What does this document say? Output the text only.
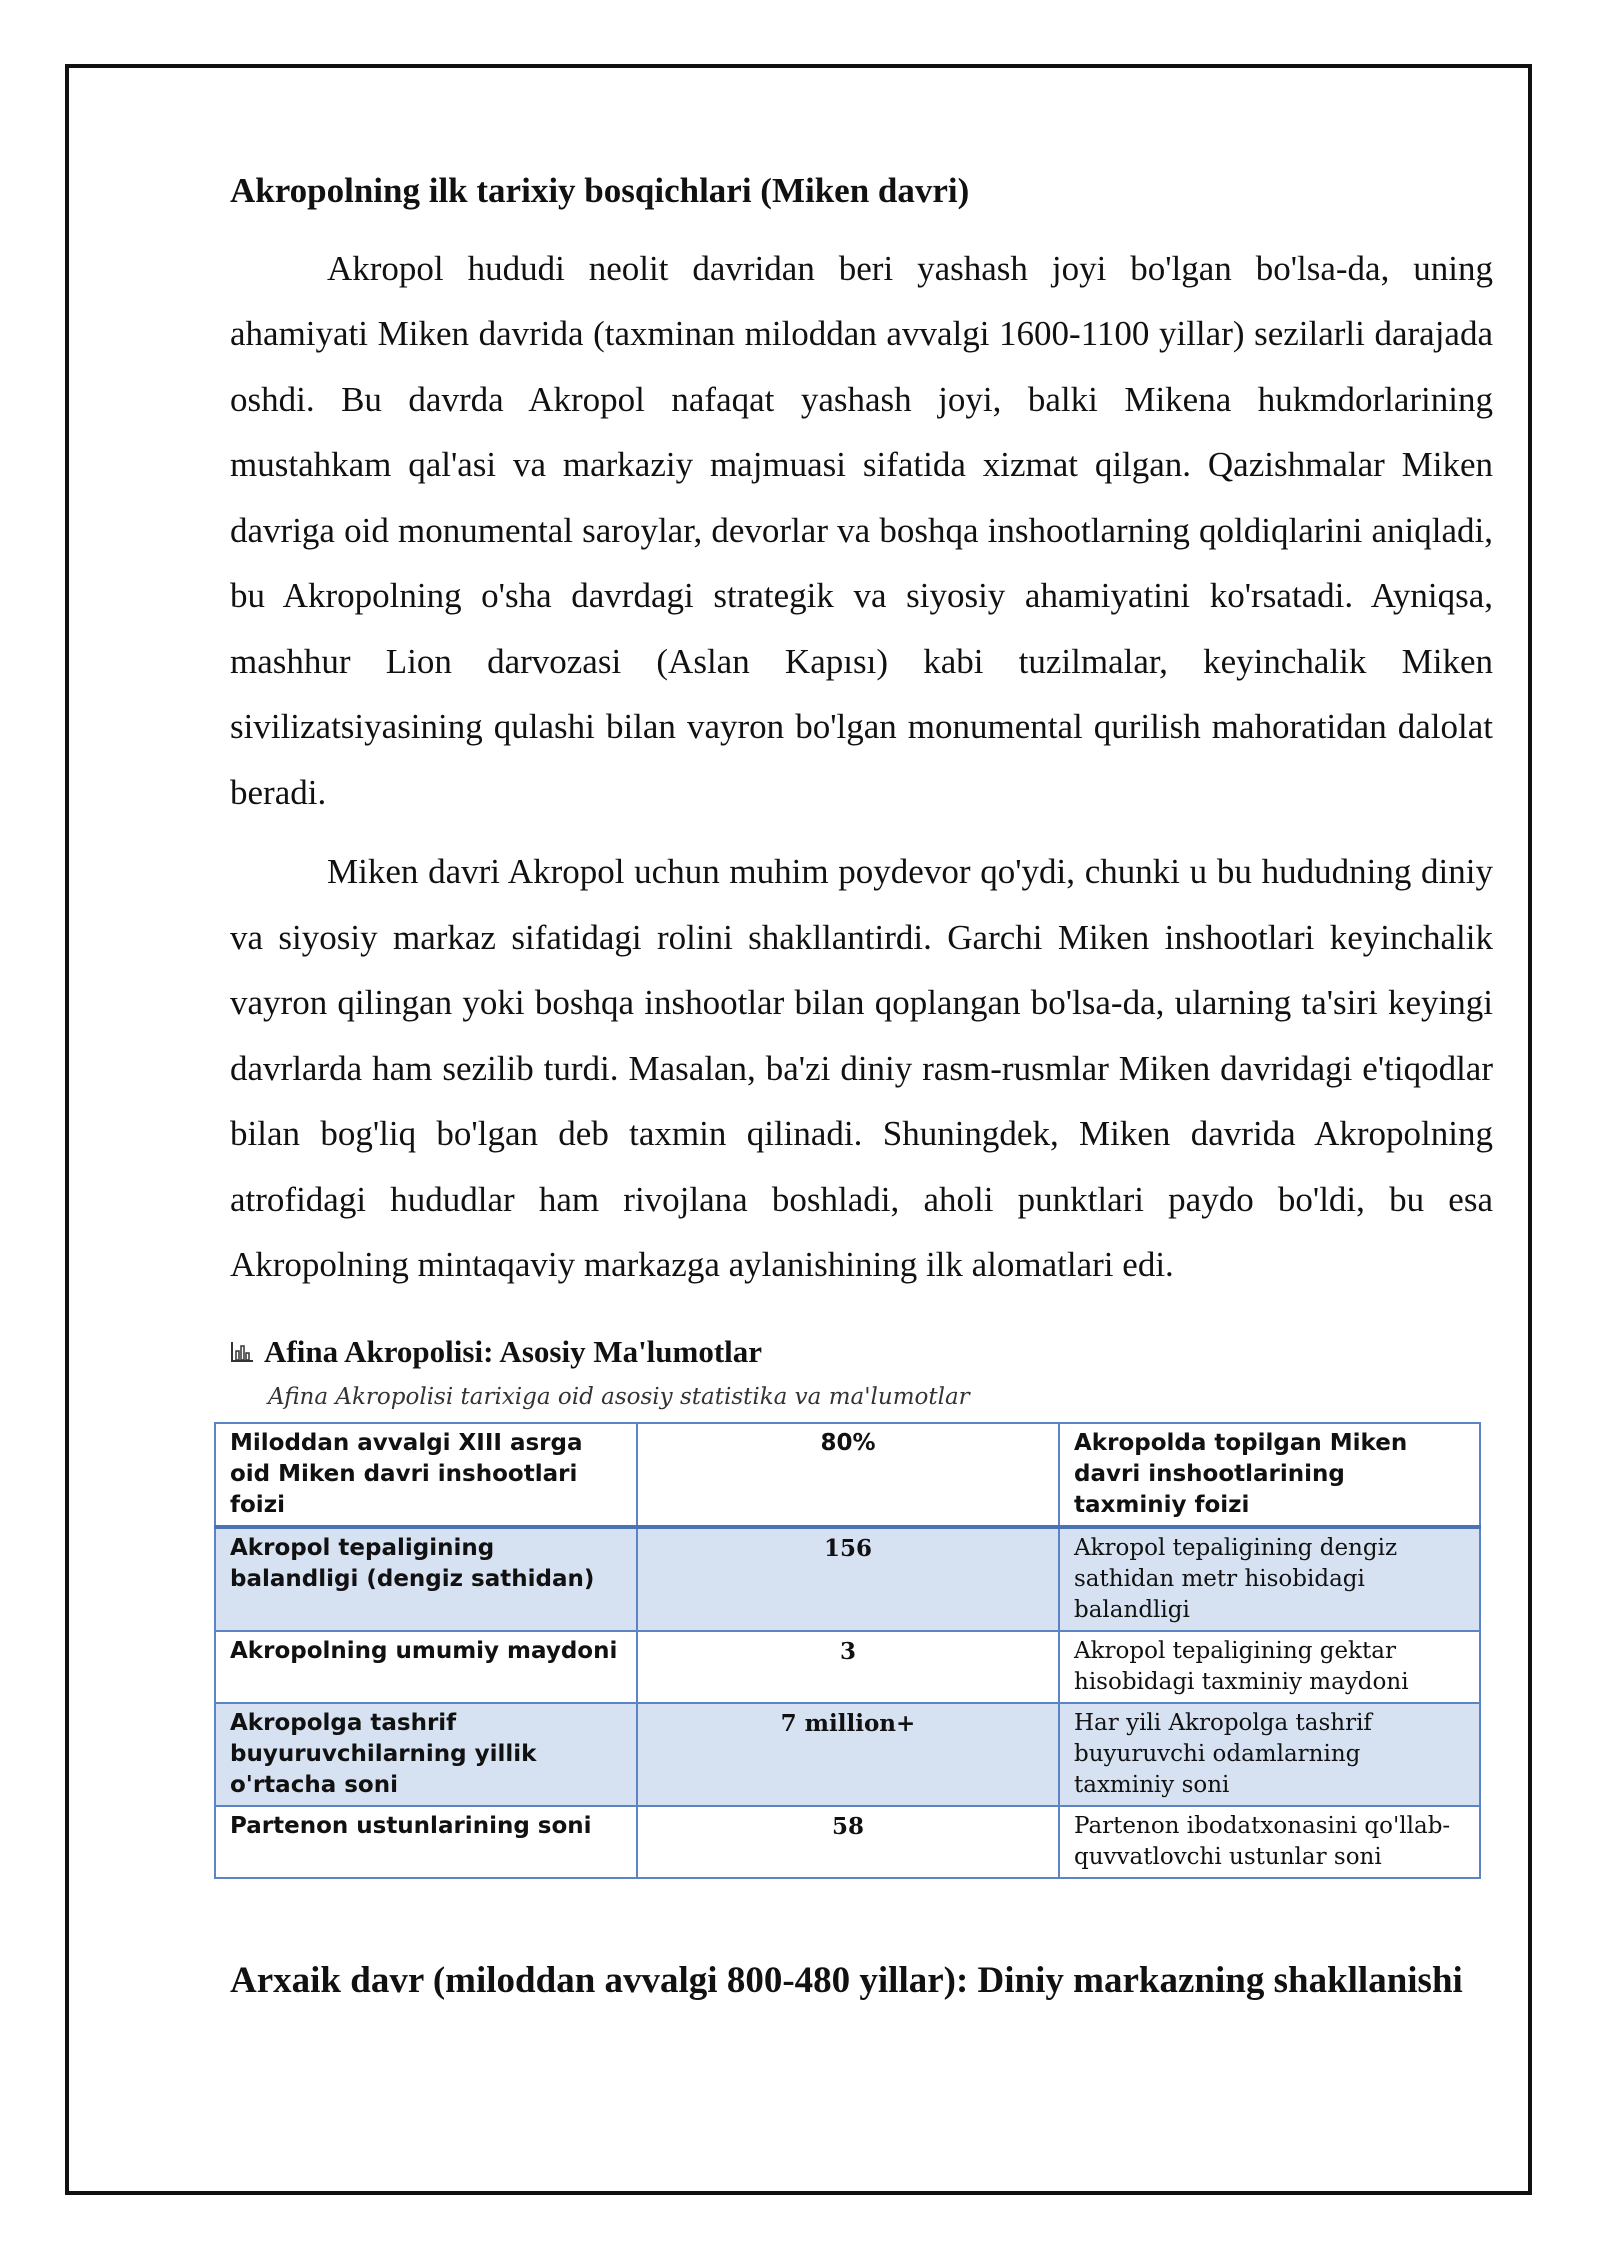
Akropolning ilk tarixiy bosqichlari (Miken davri)

Akropol hududi neolit davridan beri yashash joyi bo'lgan bo'lsa-da, uning ahamiyati Miken davrida (taxminan miloddan avvalgi 1600-1100 yillar) sezilarli darajada oshdi. Bu davrda Akropol nafaqat yashash joyi, balki Mikena hukmdorlarining mustahkam qal'asi va markaziy majmuasi sifatida xizmat qilgan. Qazishmalar Miken davriga oid monumental saroylar, devorlar va boshqa inshootlarning qoldiqlarini aniqladi, bu Akropolning o'sha davrdagi strategik va siyosiy ahamiyatini ko'rsatadi. Ayniqsa, mashhur Lion darvozasi (Aslan Kapısı) kabi tuzilmalar, keyinchalik Miken sivilizatsiyasining qulashi bilan vayron bo'lgan monumental qurilish mahoratidan dalolat beradi.

Miken davri Akropol uchun muhim poydevor qo'ydi, chunki u bu hududning diniy va siyosiy markaz sifatidagi rolini shakllantirdi. Garchi Miken inshootlari keyinchalik vayron qilingan yoki boshqa inshootlar bilan qoplangan bo'lsa-da, ularning ta'siri keyingi davrlarda ham sezilib turdi. Masalan, ba'zi diniy rasm-rusmlar Miken davridagi e'tiqodlar bilan bog'liq bo'lgan deb taxmin qilinadi. Shuningdek, Miken davrida Akropolning atrofidagi hududlar ham rivojlana boshladi, aholi punktlari paydo bo'ldi, bu esa Akropolning mintaqaviy markazga aylanishining ilk alomatlari edi.

Afina Akropolisi: Asosiy Ma'lumotlar
Afina Akropolisi tarixiga oid asosiy statistika va ma'lumotlar
Miloddan avvalgi XIII asrga oid Miken davri inshootlari foizi	80%	Akropolda topilgan Miken davri inshootlarining taxminiy foizi
Akropol tepaligining balandligi (dengiz sathidan)	156	Akropol tepaligining dengiz sathidan metr hisobidagi balandligi
Akropolning umumiy maydoni	3	Akropol tepaligining gektar hisobidagi taxminiy maydoni
Akropolga tashrif buyuruvchilarning yillik o'rtacha soni	7 million+	Har yili Akropolga tashrif buyuruvchi odamlarning taxminiy soni
Partenon ustunlarining soni	58	Partenon ibodatxonasini qo'llab-quvvatlovchi ustunlar soni
Arxaik davr (miloddan avvalgi 800-480 yillar): Diniy markazning shakllanishi
